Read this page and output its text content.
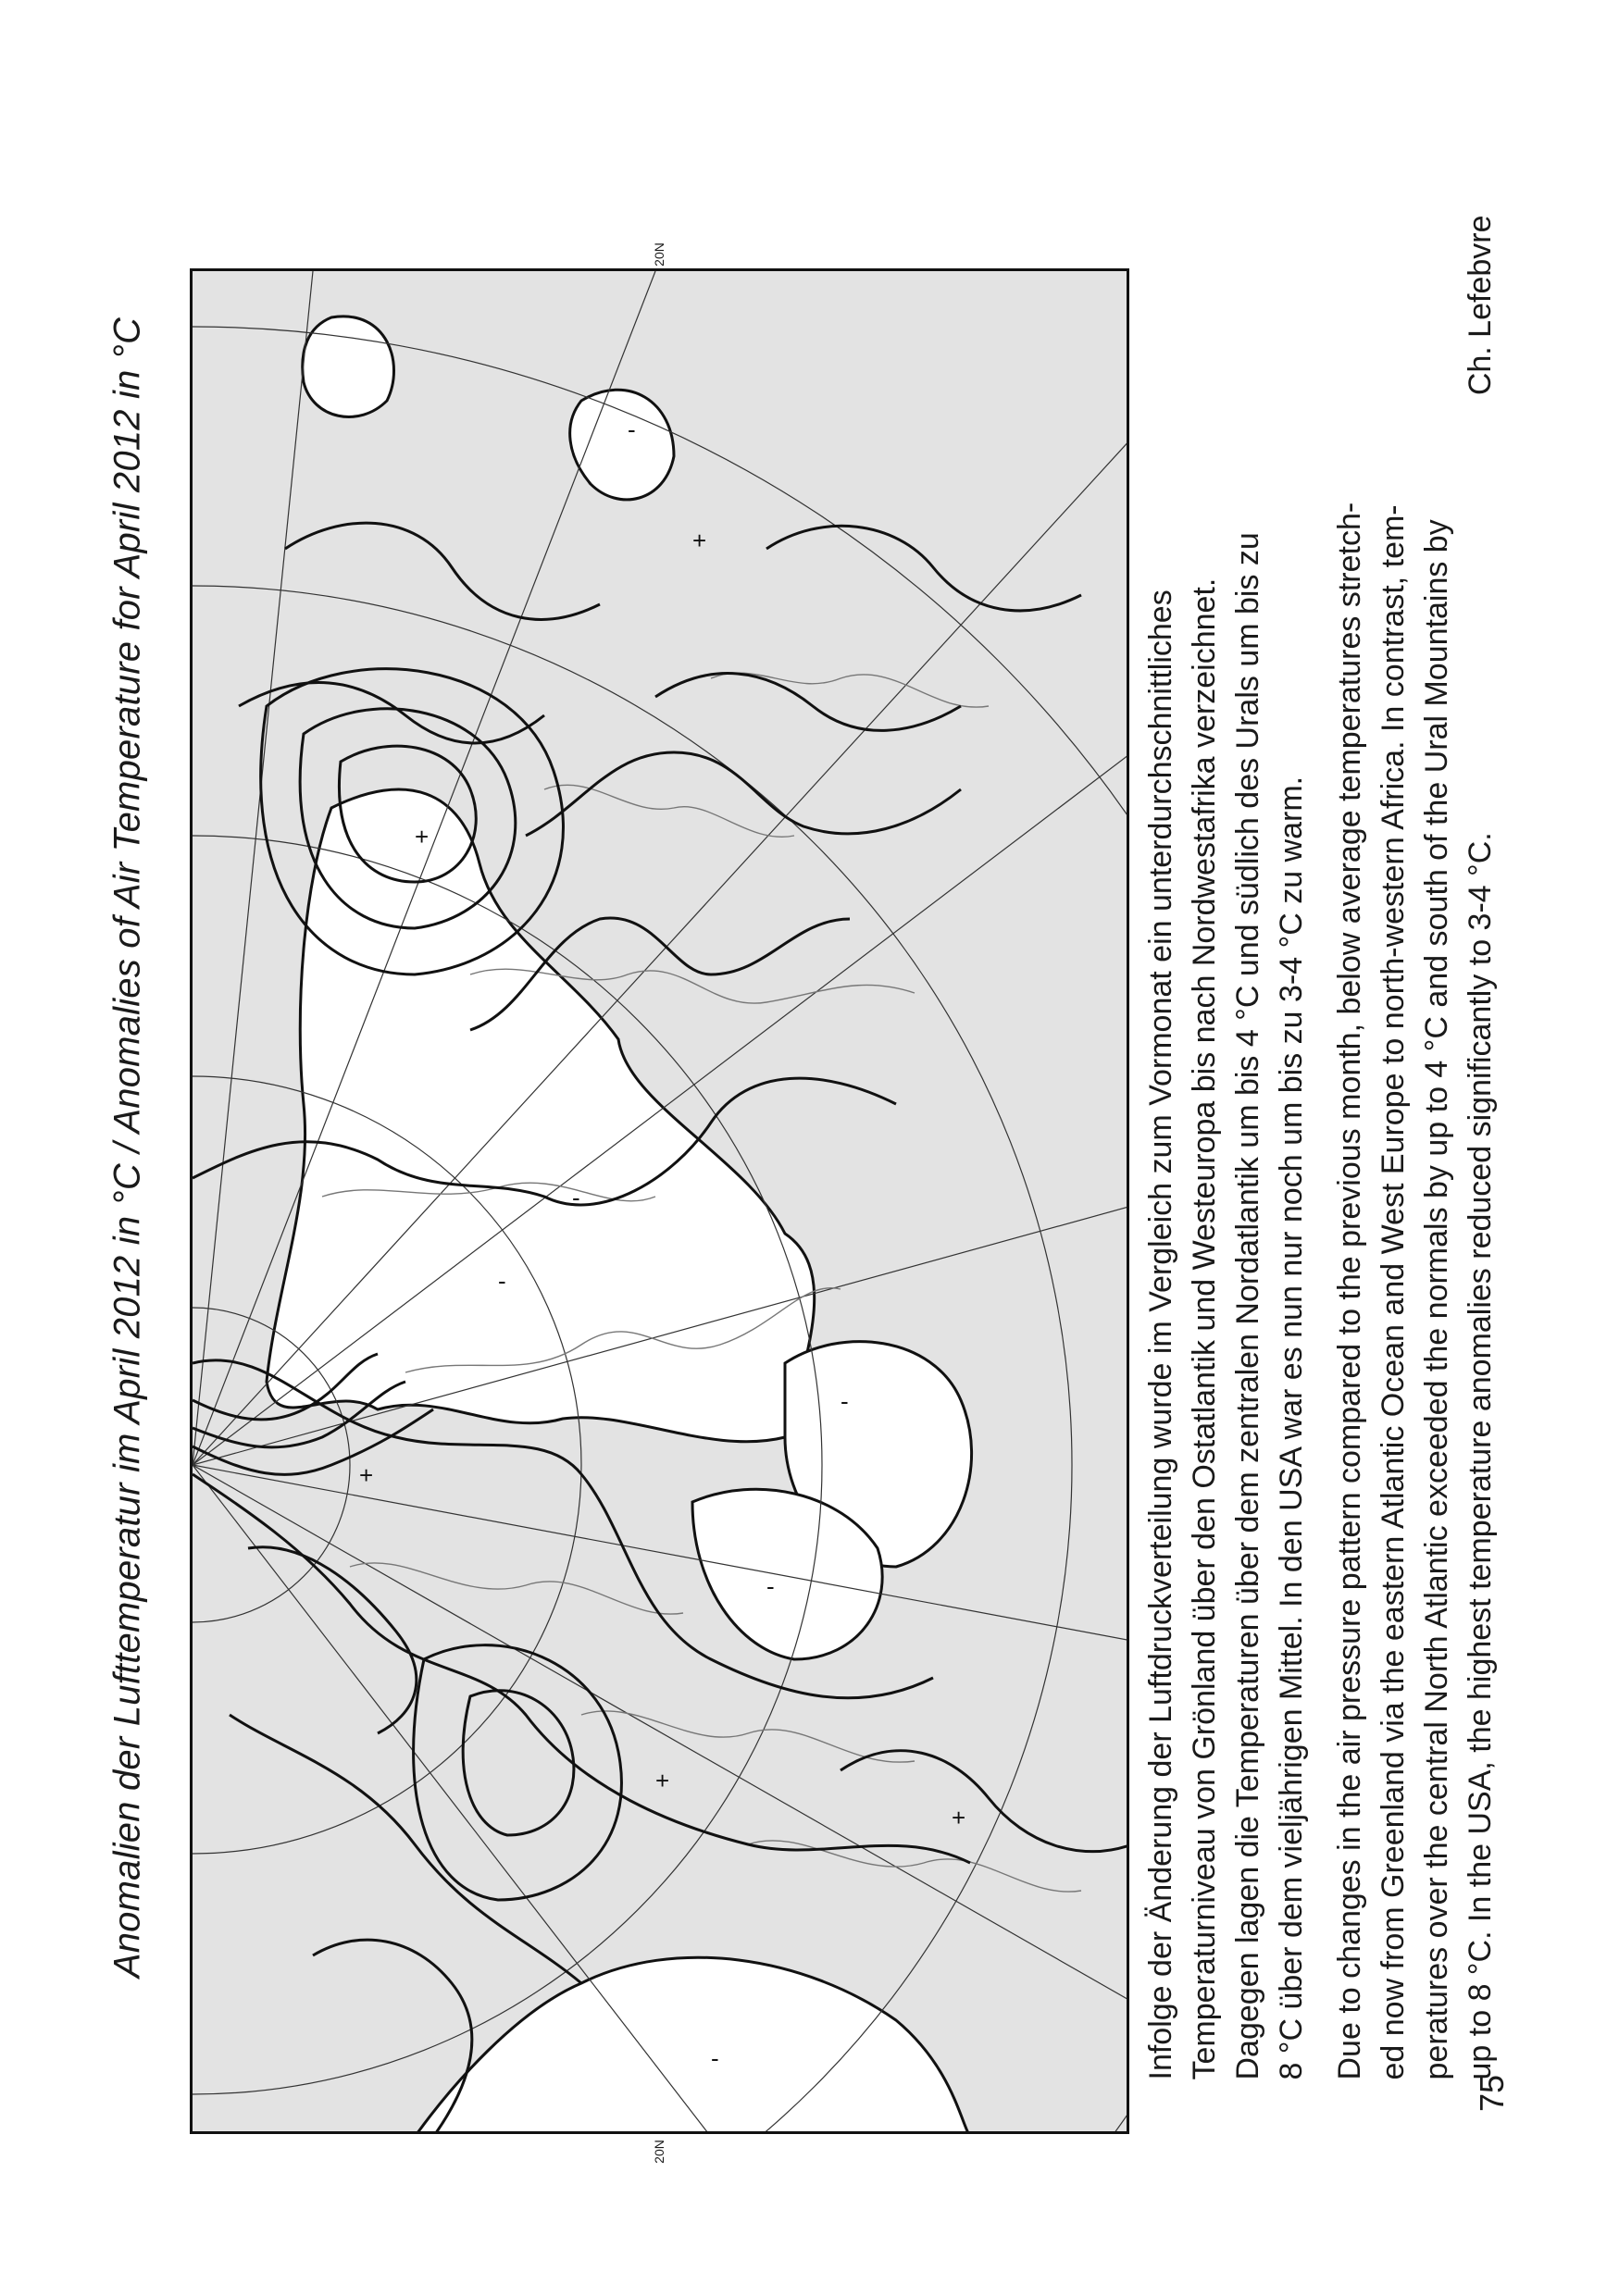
Anomalien der Lufttemperatur im April 2012 in °C / Anomalies of Air Temperature for April 2012 in °C	+
+
+
+
+
-
-
-
-
-
-
20N
20N

Infolge der Änderung der Luftdruckverteilung wurde im Vergleich zum Vormonat ein unterdurchschnittliches Temperaturniveau von Grönland über den Ostatlantik und Westeuropa bis nach Nordwestafrika verzeichnet. Dagegen lagen die Temperaturen über dem zentralen Nordatlantik um bis 4 °C und südlich des Urals um bis zu 8 °C über dem vieljährigen Mittel. In den USA war es nun nur noch um bis zu 3-4 °C zu warm. Due to changes in the air pressure pattern compared to the previous month, below average temperatures stretch- ed now from Greenland via the eastern Atlantic Ocean and West Europe to north-western Africa. In contrast, tem- peratures over the central North Atlantic exceeded the normals by up to 4 °C and south of the Ural Mountains by up to 8 °C. In the USA, the highest temperature anomalies reduced significantly to 3-4 °C.
Ch. Lefebvre

75
